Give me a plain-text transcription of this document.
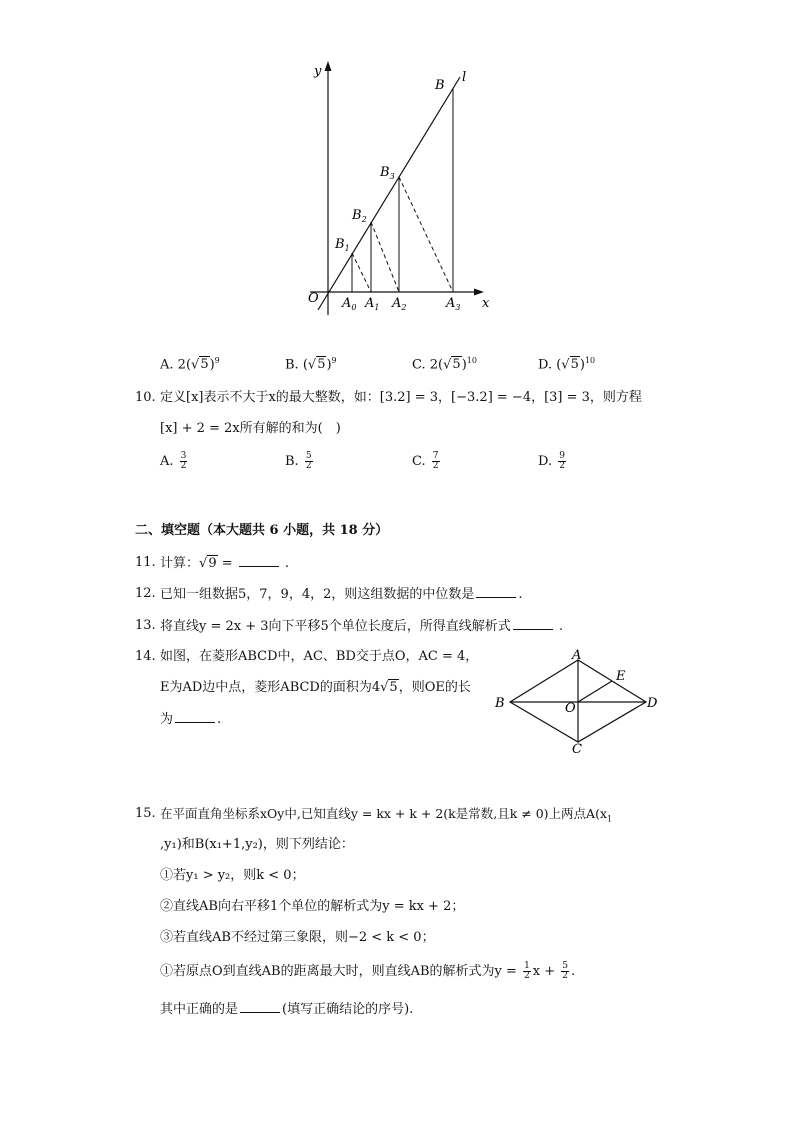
y
x
O
l
B
$B_3$
$B_2$
$B_1$
$A_0$ $A_1$ $A_2$	$A_3$
A. $2(√5)^9$	B. $(√5)^9$	C. $2(√5)^{10}$	D. $(√5)^{10}$
10. 定义[x]表示不大于x的最大整数，如：[3.2] = 3，[−3.2] = −4，[3] = 3，则方程
[x] + 2 = 2x所有解的和为(　)
A. $\frac{3}{2}$	B. $\frac{5}{2}$	C. $\frac{7}{2}$	D. $\frac{9}{2}$
二、填空题（本大题共 6 小题，共 18 分）
11. 计算：√9 =	.
12. 已知一组数据5，7，9，4，2，则这组数据的中位数是	.
13. 将直线y = 2x + 3向下平移5个单位长度后，所得直线解析式	.
14. 如图，在菱形ABCD中，AC、BD交于点O，AC = 4，
E为AD边中点，菱形ABCD的面积为4√5，则OE的长
为	.
A
B
C
D
E
O
15. 在平面直角坐标系xOy中,已知直线y = kx + k + 2(k是常数,且k ≠ 0)上两点$A(x_1$
,y₁)和B(x₁+1,y₂)，则下列结论：
①若y₁ > y₂，则k < 0；
②直线AB向右平移1个单位的解析式为y = kx + 2；
③若直线AB不经过第三象限，则−2 < k < 0；
①若原点O到直线AB的距离最大时，则直线AB的解析式为$y = \frac{1}{2}$ $x + \frac{5}{2}$ .
其中正确的是	(填写正确结论的序号).
